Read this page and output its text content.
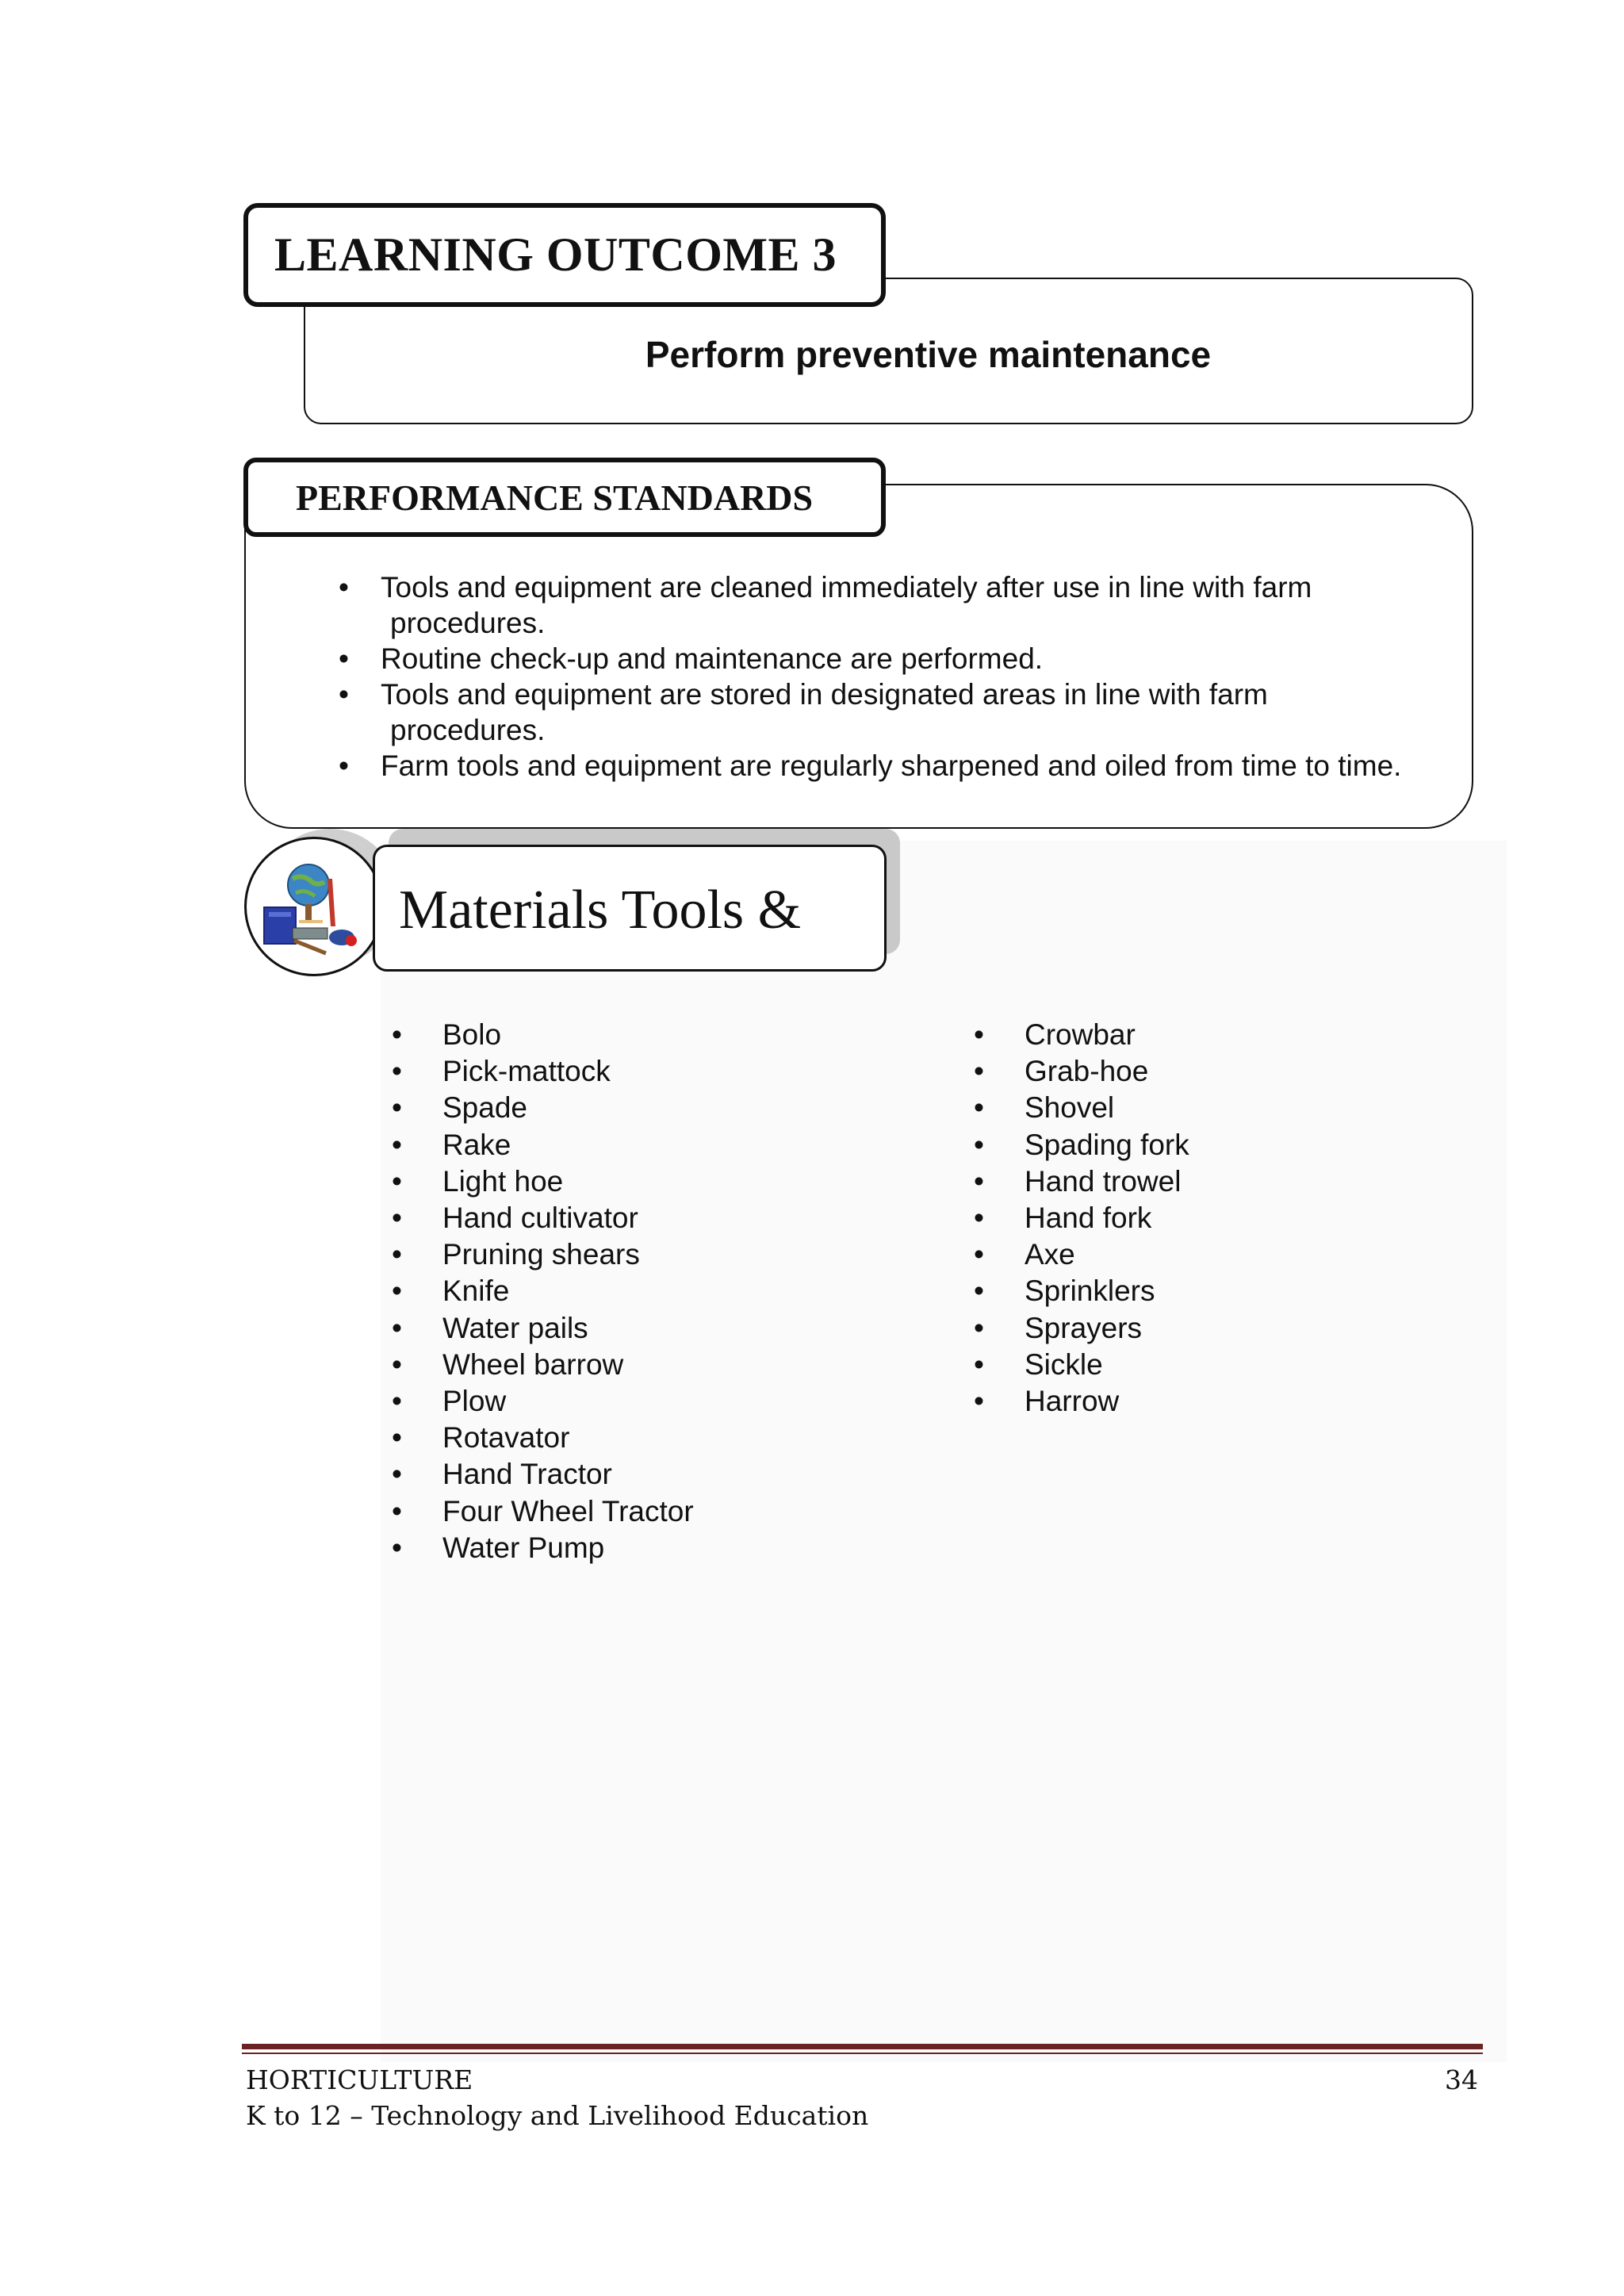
Perform preventive maintenance
LEARNING OUTCOME 3
PERFORMANCE STANDARDS
• Tools and equipment are cleaned immediately after use in line with farm
procedures.
• Routine check-up and maintenance are performed.
• Tools and equipment are stored in designated areas in line with farm
procedures.
• Farm tools and equipment are regularly sharpened and oiled from time to time.
Materials Tools &
• Bolo
• Pick-mattock
• Spade
• Rake
• Light hoe
• Hand cultivator
• Pruning shears
• Knife
• Water pails
• Wheel barrow
• Plow
• Rotavator
• Hand Tractor
• Four Wheel Tractor
• Water Pump
• Crowbar
• Grab-hoe
• Shovel
• Spading fork
• Hand trowel
• Hand fork
• Axe
• Sprinklers
• Sprayers
• Sickle
• Harrow
HORTICULTURE
K to 12 – Technology and Livelihood Education
34
